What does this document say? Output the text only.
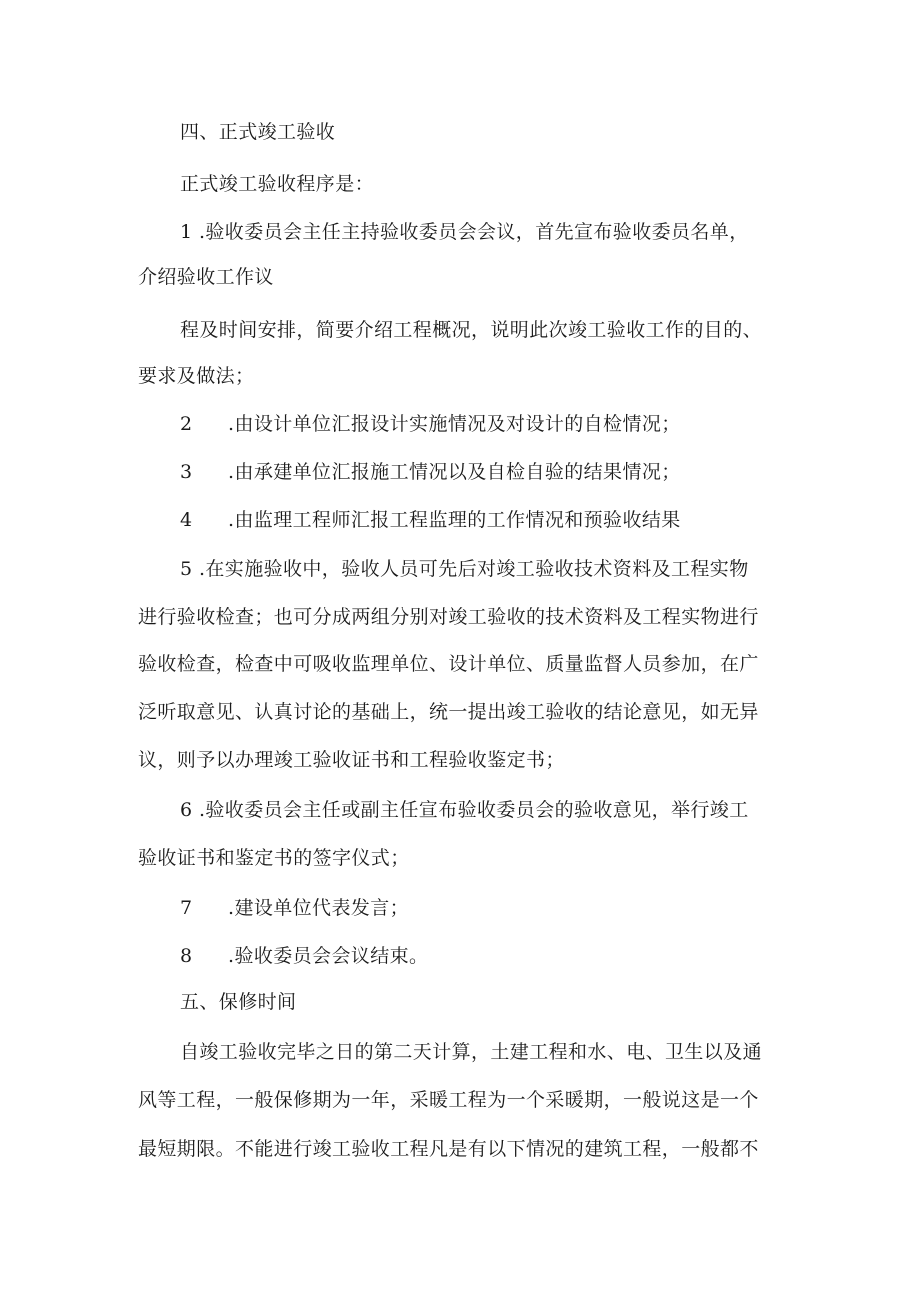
四、正式竣工验收
正式竣工验收程序是：
1 .验收委员会主任主持验收委员会会议，首先宣布验收委员名单，
介绍验收工作议
程及时间安排，简要介绍工程概况，说明此次竣工验收工作的目的、
要求及做法；
2 .由设计单位汇报设计实施情况及对设计的自检情况；
3 .由承建单位汇报施工情况以及自检自验的结果情况；
4 .由监理工程师汇报工程监理的工作情况和预验收结果
5 .在实施验收中，验收人员可先后对竣工验收技术资料及工程实物
进行验收检查；也可分成两组分别对竣工验收的技术资料及工程实物进行
验收检查，检查中可吸收监理单位、设计单位、质量监督人员参加，在广
泛听取意见、认真讨论的基础上，统一提出竣工验收的结论意见，如无异
议，则予以办理竣工验收证书和工程验收鉴定书；
6 .验收委员会主任或副主任宣布验收委员会的验收意见，举行竣工
验收证书和鉴定书的签字仪式；
7 .建设单位代表发言；
8 .验收委员会会议结束。
五、保修时间
自竣工验收完毕之日的第二天计算，土建工程和水、电、卫生以及通
风等工程，一般保修期为一年，采暖工程为一个采暖期，一般说这是一个
最短期限。不能进行竣工验收工程凡是有以下情况的建筑工程，一般都不
